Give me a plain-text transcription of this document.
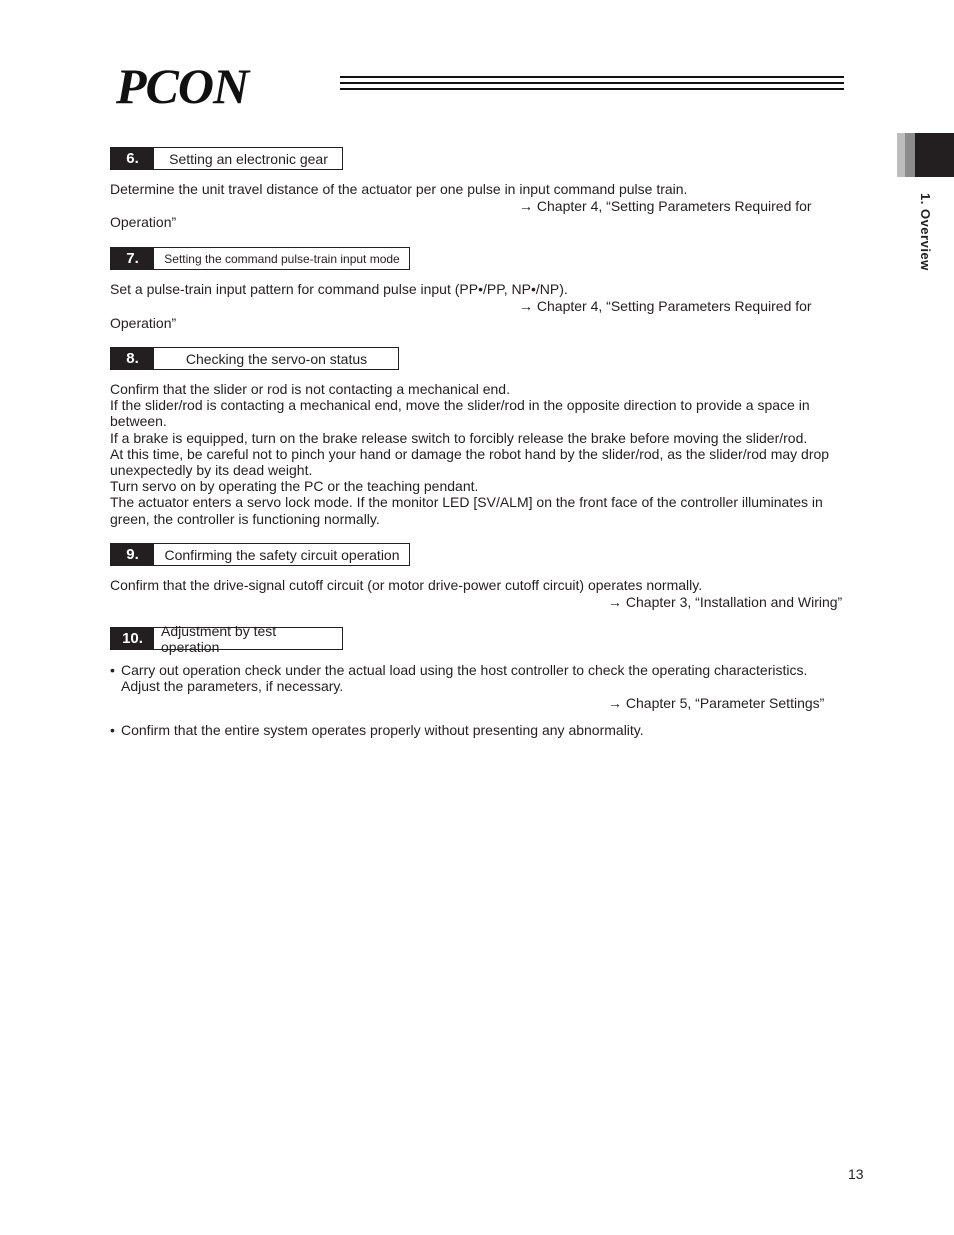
PCON
1. Overview
6.	Setting an electronic gear
Determine the unit travel distance of the actuator per one pulse in input command pulse train.
→ Chapter 4, “Setting Parameters Required for
Operation”
7.	Setting the command pulse-train input mode
Set a pulse-train input pattern for command pulse input (PP•/PP, NP•/NP).
→ Chapter 4, “Setting Parameters Required for
Operation”
8.	Checking the servo-on status
Confirm that the slider or rod is not contacting a mechanical end.
If the slider/rod is contacting a mechanical end, move the slider/rod in the opposite direction to provide a space in between.
If a brake is equipped, turn on the brake release switch to forcibly release the brake before moving the slider/rod.
At this time, be careful not to pinch your hand or damage the robot hand by the slider/rod, as the slider/rod may drop unexpectedly by its dead weight.
Turn servo on by operating the PC or the teaching pendant.
The actuator enters a servo lock mode. If the monitor LED [SV/ALM] on the front face of the controller illuminates in green, the controller is functioning normally.
9.	Confirming the safety circuit operation
Confirm that the drive-signal cutoff circuit (or motor drive-power cutoff circuit) operates normally.
→ Chapter 3, “Installation and Wiring”
10.	Adjustment by test operation
• Carry out operation check under the actual load using the host controller to check the operating characteristics.
Adjust the parameters, if necessary.
→ Chapter 5, “Parameter Settings”
• Confirm that the entire system operates properly without presenting any abnormality.
13
